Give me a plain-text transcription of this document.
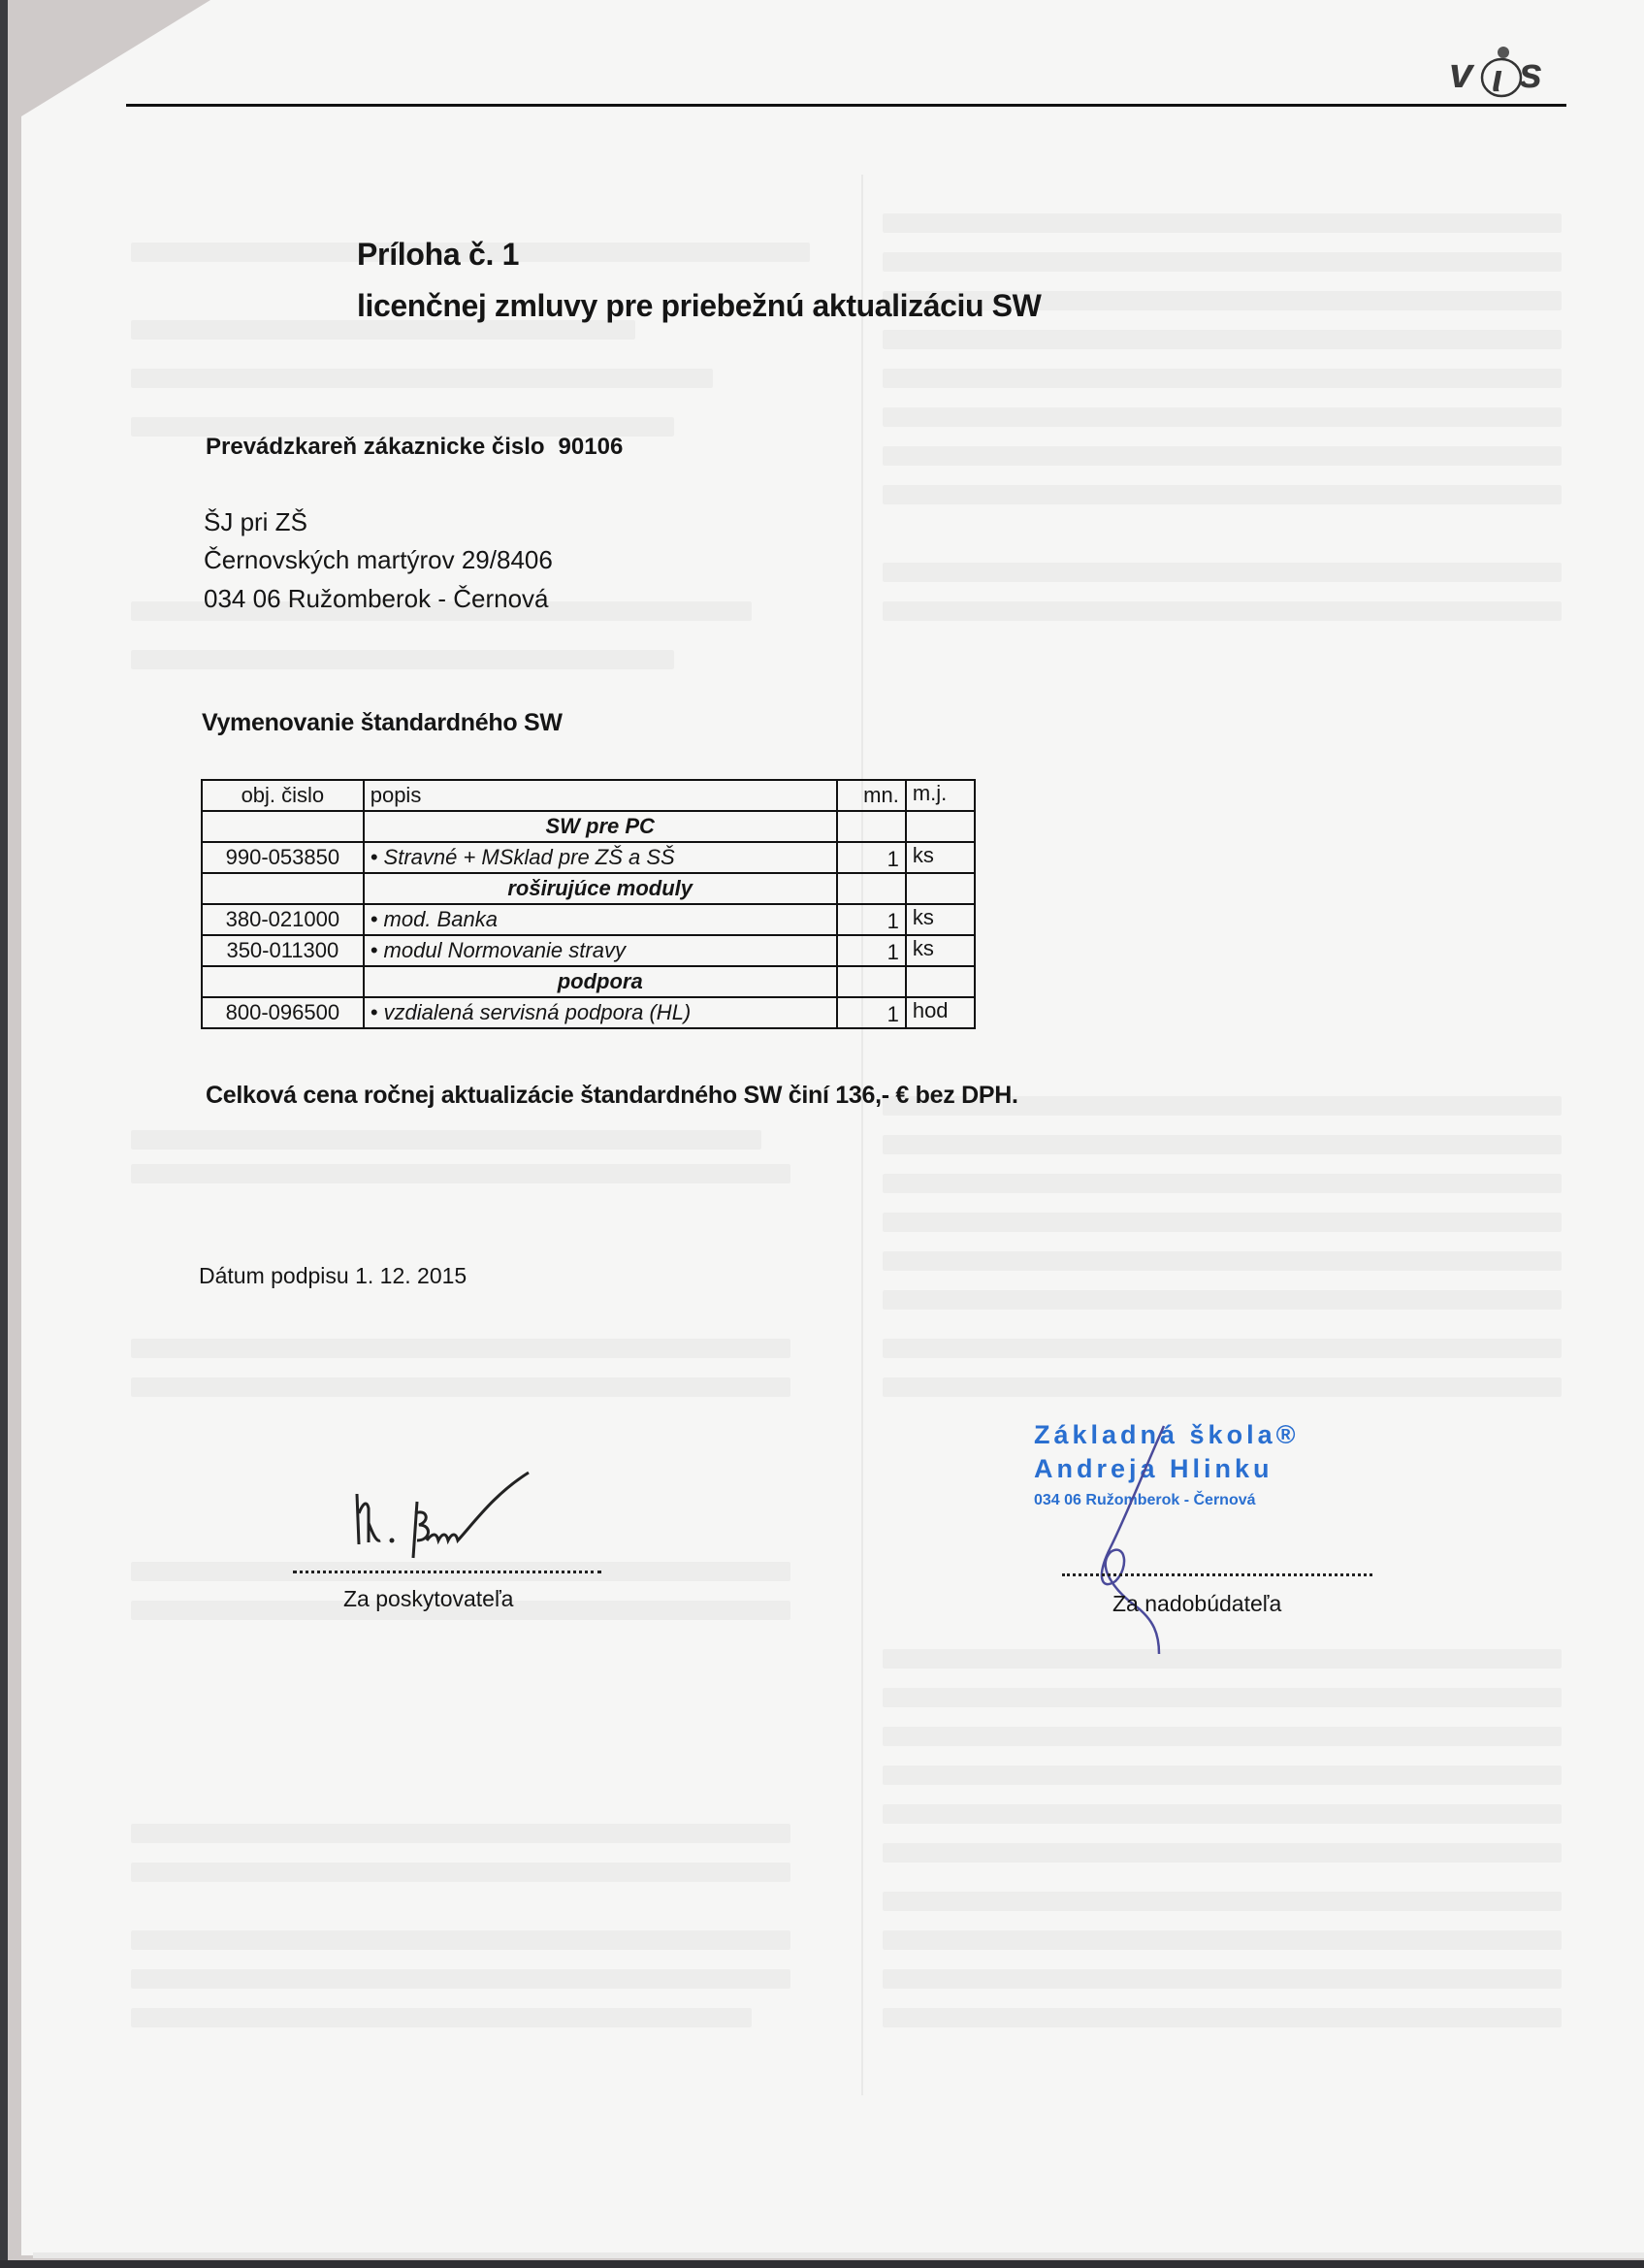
v ι s
Príloha č. 1
licenčnej zmluvy pre priebežnú aktualizáciu SW
Prevádzkareň zákaznicke čislo 90106
ŠJ pri ZŠ
Černovských martýrov 29/8406
034 06 Ružomberok - Černová
Vymenovanie štandardného SW
obj. čislo	popis	mn.	m.j.
	SW pre PC		
990-053850	• Stravné + MSklad pre ZŠ a SŠ	1	ks
	roširujúce moduly		
380-021000	• mod. Banka	1	ks
350-011300	• modul Normovanie stravy	1	ks
	podpora		
800-096500	• vzdialená servisná podpora (HL)	1	hod
Celková cena ročnej aktualizácie štandardného SW činí 136,- € bez DPH.
Dátum podpisu 1. 12. 2015
Za poskytovateľa
Základná škola®
Andreja Hlinku
034 06 Ružomberok - Černová
Za nadobúdateľa
